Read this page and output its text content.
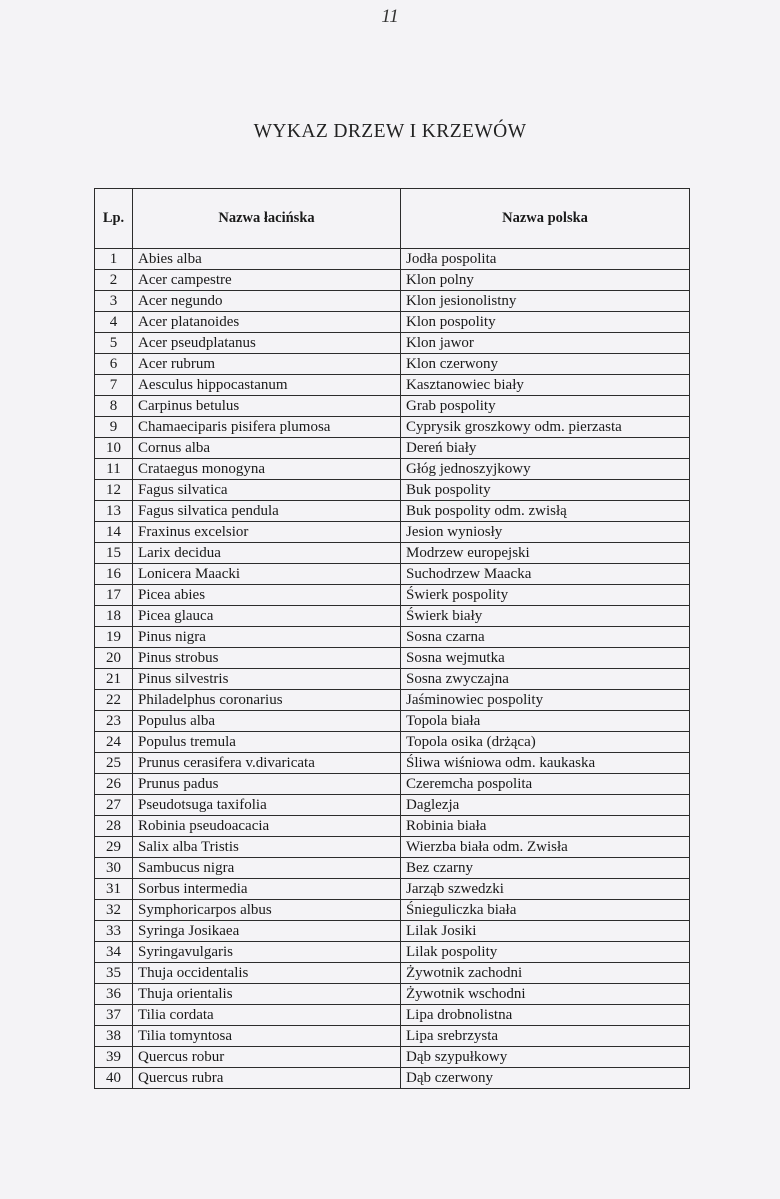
11
WYKAZ DRZEW I KRZEWÓW
Lp.	Nazwa łacińska	Nazwa polska
1	Abies alba	Jodła pospolita
2	Acer campestre	Klon polny
3	Acer negundo	Klon jesionolistny
4	Acer platanoides	Klon pospolity
5	Acer pseudplatanus	Klon jawor
6	Acer rubrum	Klon czerwony
7	Aesculus hippocastanum	Kasztanowiec biały
8	Carpinus betulus	Grab pospolity
9	Chamaeciparis pisifera plumosa	Cyprysik groszkowy odm. pierzasta
10	Cornus alba	Dereń biały
11	Crataegus monogyna	Głóg jednoszyjkowy
12	Fagus silvatica	Buk pospolity
13	Fagus silvatica pendula	Buk pospolity odm. zwisłą
14	Fraxinus excelsior	Jesion wyniosły
15	Larix decidua	Modrzew europejski
16	Lonicera Maacki	Suchodrzew Maacka
17	Picea abies	Świerk pospolity
18	Picea glauca	Świerk biały
19	Pinus nigra	Sosna czarna
20	Pinus strobus	Sosna wejmutka
21	Pinus silvestris	Sosna zwyczajna
22	Philadelphus coronarius	Jaśminowiec pospolity
23	Populus alba	Topola biała
24	Populus tremula	Topola osika (drżąca)
25	Prunus cerasifera v.divaricata	Śliwa wiśniowa odm. kaukaska
26	Prunus padus	Czeremcha pospolita
27	Pseudotsuga taxifolia	Daglezja
28	Robinia pseudoacacia	Robinia biała
29	Salix alba Tristis	Wierzba biała odm. Zwisła
30	Sambucus nigra	Bez czarny
31	Sorbus intermedia	Jarząb szwedzki
32	Symphoricarpos albus	Śnieguliczka biała
33	Syringa Josikaea	Lilak Josiki
34	Syringavulgaris	Lilak pospolity
35	Thuja occidentalis	Żywotnik zachodni
36	Thuja orientalis	Żywotnik wschodni
37	Tilia cordata	Lipa drobnolistna
38	Tilia tomyntosa	Lipa srebrzysta
39	Quercus robur	Dąb szypułkowy
40	Quercus rubra	Dąb czerwony
